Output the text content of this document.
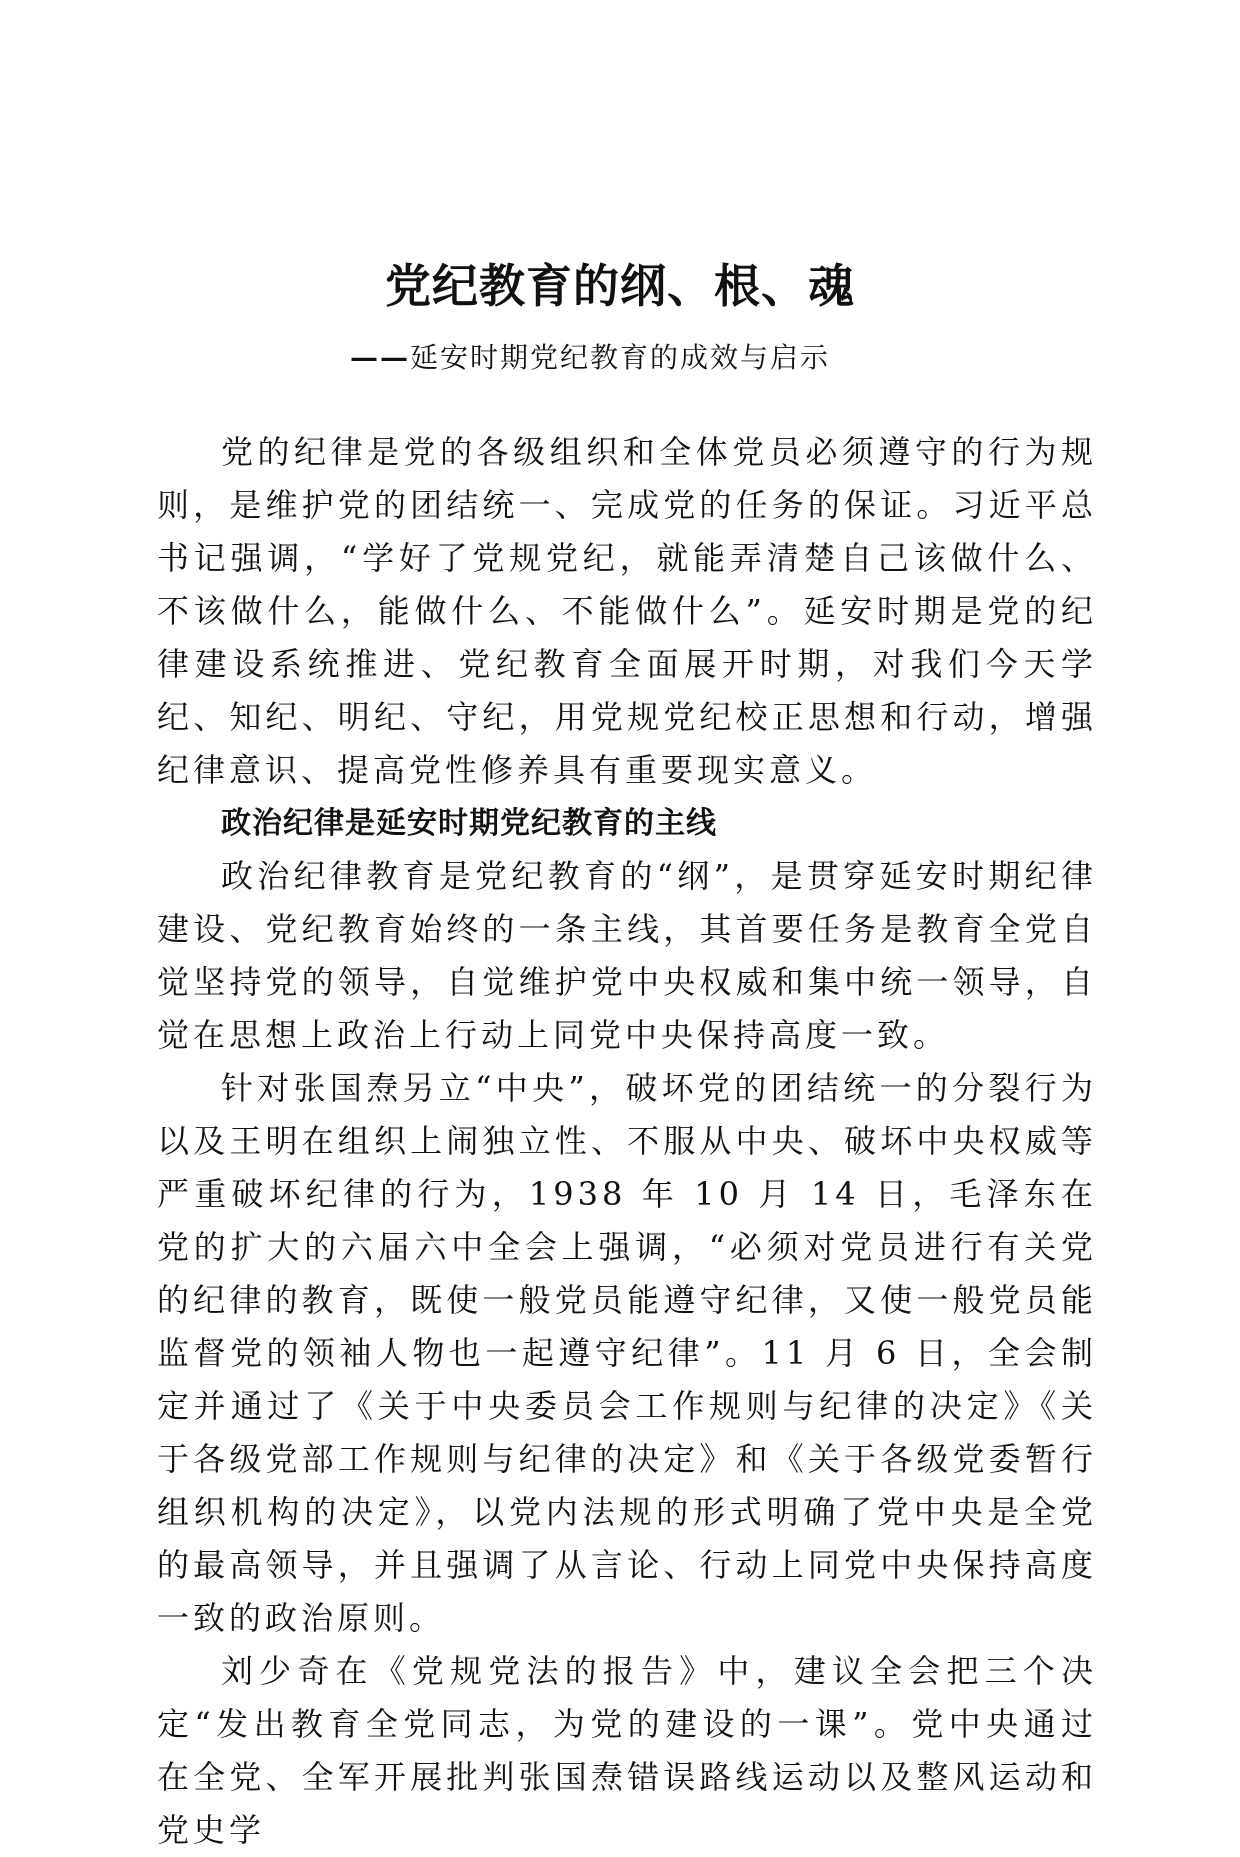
党纪教育的纲、根、魂
——延安时期党纪教育的成效与启示

党的纪律是党的各级组织和全体党员必须遵守的行为规则，是维护党的团结统一、完成党的任务的保证。习近平总书记强调，“学好了党规党纪，就能弄清楚自己该做什么、不该做什么，能做什么、不能做什么”。延安时期是党的纪律建设系统推进、党纪教育全面展开时期，对我们今天学纪、知纪、明纪、守纪，用党规党纪校正思想和行动，增强纪律意识、提高党性修养具有重要现实意义。

政治纪律是延安时期党纪教育的主线

政治纪律教育是党纪教育的“纲”，是贯穿延安时期纪律建设、党纪教育始终的一条主线，其首要任务是教育全党自觉坚持党的领导，自觉维护党中央权威和集中统一领导，自觉在思想上政治上行动上同党中央保持高度一致。

针对张国焘另立“中央”，破坏党的团结统一的分裂行为以及王明在组织上闹独立性、不服从中央、破坏中央权威等严重破坏纪律的行为，1938 年 10 月 14 日，毛泽东在党的扩大的六届六中全会上强调，“必须对党员进行有关党的纪律的教育，既使一般党员能遵守纪律，又使一般党员能监督党的领袖人物也一起遵守纪律”。11 月 6 日，全会制定并通过了《关于中央委员会工作规则与纪律的决定》《关于各级党部工作规则与纪律的决定》和《关于各级党委暂行组织机构的决定》，以党内法规的形式明确了党中央是全党的最高领导，并且强调了从言论、行动上同党中央保持高度一致的政治原则。

刘少奇在《党规党法的报告》中，建议全会把三个决定“发出教育全党同志，为党的建设的一课”。党中央通过在全党、全军开展批判张国焘错误路线运动以及整风运动和党史学
